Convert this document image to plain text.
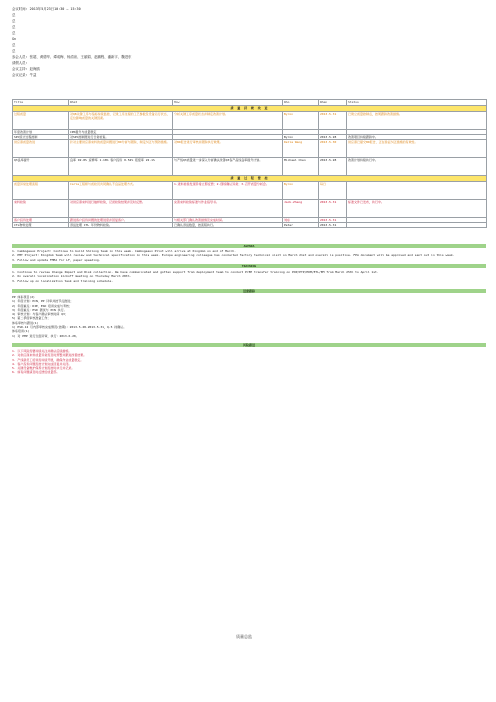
会议时间: 2013年5月23日10:30 – 15:30
总
总
总
总
Gn
总
总
参会人员: 张超、黄德华、谭成梅、杨清泉、王丽娟、赵鹏程、潘新宇、魏进东
请假人员:
会议主持: 赵海鸥
会议记录: 牛益
Title	What	How	Who	When	Status
质 量 持 续 改 进					
过程质量	对Q8关键工序与指标持续监控，记录工序过程的工艺参数及设备运行状态，定位影响质量的关键因素。	分析关键工序质量状态并制定改善计划。	Byron	2013.5.31	已建立质量控制点，按周跟踪改善措施。
年度改善计划	CPK提升与质量稳定				
SPC统计过程控制	对SPC控制图进行日常检查。		Byron	2013.5.28	改善项目持续跟踪中。
供应商质量改进	针对主要供应商来料的质量问题进行8D分析与跟踪，制定纠正与预防措施。	对8D报告进行审核并跟踪执行效果。	Della Wang	2013.5.30	供应商已提交8D报告，正在验证纠正措施的有效性。
Q3良率提升	良率 92.8% 返修率 1.18% 客户投诉 0.52% 报废率 22.1%	与产线Q3质量进一步深入分析确认改善Q3各产品线良率提升计划。	Michael Chen	2013.5.28	改善计划持续执行中。
质 量 过 程 管 控					
质量异常处理流程	Carla工程师与质检员共同确认不良品处理方式。	1.进料检验发现异常立即反馈；2.现场确认异常；3.召开质量分析会。	Byron	每日	
来料检验	对供应商来料进行抽样检验，记录检验结果并及时反馈。	完善来料检验标准与作业指导书。	Jack-Zheng	2013.5.31	标准文件已发布，执行中。
客户投诉处理	跟进客户投诉问题的处理进度并回复客户。	与相关部门确认改善措施及完成时间。	刘东	2013.5.31	
CTL物料处理	退货处理 CTL 年份物料检验。	已确认退货数量，按流程执行。	Peter	2013.5.31	
AGENDA
1. Cambogeaux Project: Continue to build Shilong team in this week. Cambogeaux Pilot will arrive at Kingdom on end of March.
2. PMT Project: Kingdom team will review and technical specification in this week. Europe engineering colleague has conducted factory technical visit on March 21st and overall is positive. FPA document will be approved and sent out in this week.
3. Follow and update FMEA for LF, paper speeding.
TRAINING
1. Continue to review Change Impact and Risk collection. We have communicated and gotten support from deployment team to conduct PrEE transfer training on POP/PTP/EDM/ETL/EM from March 25th to April 1st.
2. On overall localization kickoff meeting on Thursday March 28th.
3. Follow up on localization task and training schedule.
进度跟踪
PP 体系项目(2)
1) 年度计划：PCN、PP 评审并按节点推进；
2) 年度重点：DIE、ESD 培训完成与考核；
3) 年度重点：ESD 测试与 PCN 执行。
4) 审核计划：与客户确认审核时间 Q3；
5) 第二季度审核准备工作；
体系审核与跟进(1)
1) ESD-12 月内部审核完成情况(按期)：2013.5.28-2013.5.31，Q-5 待确认。
体系培训(1)
1) 对 PMP 进行全面评审，执行：2013.6.20。
风险跟进
1. 以下风险需要持续关注并确认后续措施。
2. 对供应商来料质量异常需及时预警并跟进改善结果。
3. 产线新员工培训需持续开展，确保作业质量稳定。
4. 客户投诉问题需按计划完成回复并关闭。
5. 关键设备维护保养计划需按时执行并记录。
6. 如有问题请及时反馈给质量部。
质量总监
